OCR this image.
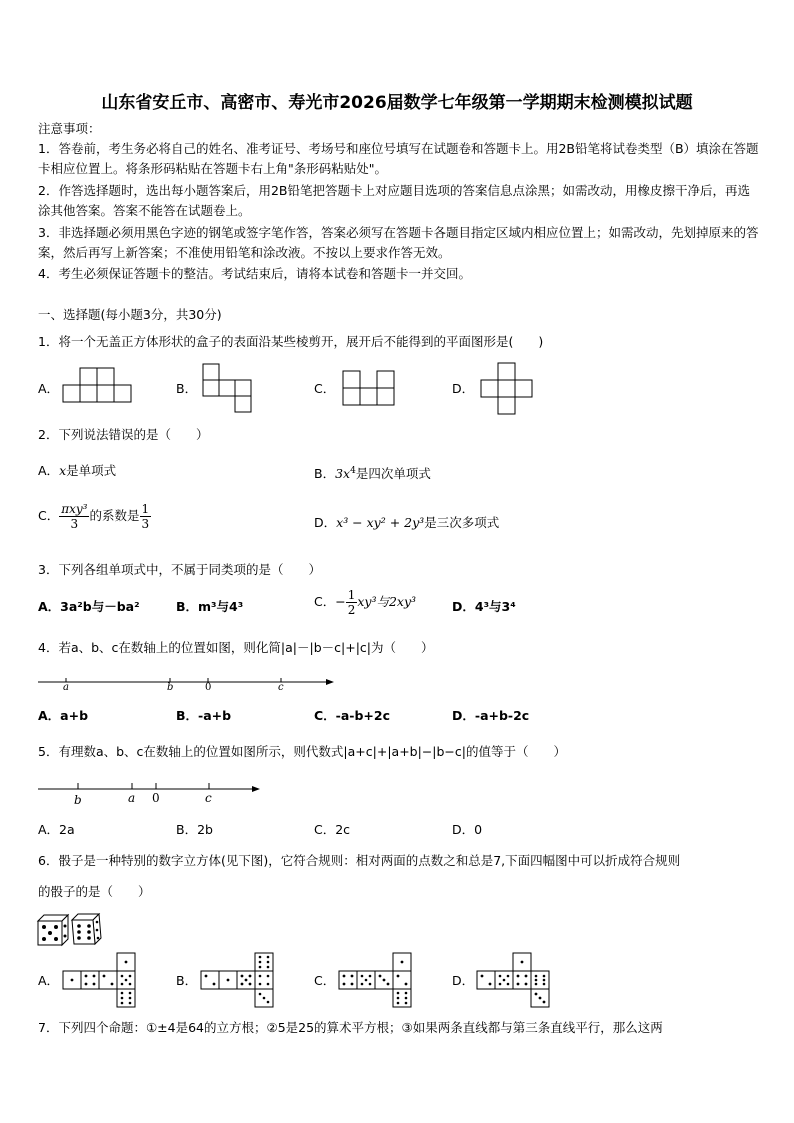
山东省安丘市、高密市、寿光市2026届数学七年级第一学期期末检测模拟试题
注意事项：
1．答卷前，考生务必将自己的姓名、准考证号、考场号和座位号填写在试题卷和答题卡上。用2B铅笔将试卷类型（B）填涂在答题卡相应位置上。将条形码粘贴在答题卡右上角"条形码粘贴处"。
2．作答选择题时，选出每小题答案后，用2B铅笔把答题卡上对应题目选项的答案信息点涂黑；如需改动，用橡皮擦干净后，再选涂其他答案。答案不能答在试题卷上。
3．非选择题必须用黑色字迹的钢笔或签字笔作答，答案必须写在答题卡各题目指定区域内相应位置上；如需改动，先划掉原来的答案，然后再写上新答案；不准使用铅笔和涂改液。不按以上要求作答无效。
4．考生必须保证答题卡的整洁。考试结束后，请将本试卷和答题卡一并交回。
一、选择题(每小题3分，共30分)
1．将一个无盖正方体形状的盒子的表面沿某些棱剪开，展开后不能得到的平面图形是(　　)
A．	B．	C．	D．
2．下列说法错误的是（　　）
A．x是单项式	B．$3x^4$是四次单项式
C． $\frac{\text{πxy³}}{3}$ 的系数是 $\frac{1}{3}$	D．x³ − xy² + 2y³是三次多项式
3．下列各组单项式中，不属于同类项的是（　　）
A．3a²b与－ba²	B．m³与4³	C．− $\frac{1}{2} xy^3$与2xy³	D．4³与3⁴
4．若a、b、c在数轴上的位置如图，则化简|a|－|b－c|+|c|为（　　）
a	b	0	c
A．a+b	B．-a+b	C．-a-b+2c	D．-a+b-2c
5．有理数a、b、c在数轴上的位置如图所示，则代数式|a+c|+|a+b|−|b−c|的值等于（　　）
b	a 0	c
A．2a	B．2b	C．2c	D．0
6．骰子是一种特别的数字立方体(见下图)，它符合规则：相对两面的点数之和总是7,下面四幅图中可以折成符合规则
的骰子的是（　　）
A．	B．	C．	D．
7．下列四个命题：①±4是64的立方根；②5是25的算术平方根；③如果两条直线都与第三条直线平行，那么这两
